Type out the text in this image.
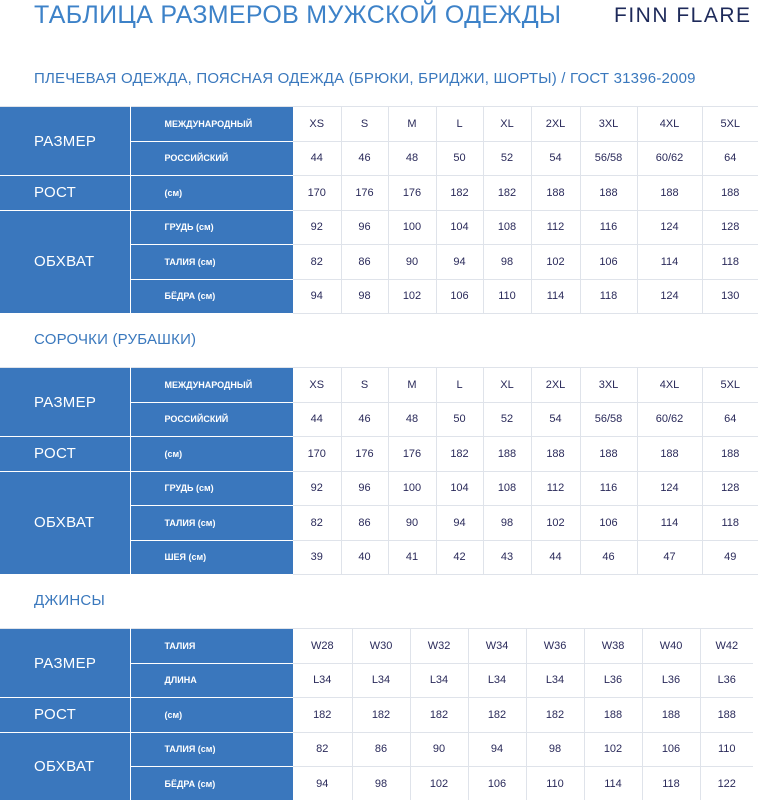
ТАБЛИЦА РАЗМЕРОВ МУЖСКОЙ ОДЕЖДЫ	FINN FLARE
ПЛЕЧЕВАЯ ОДЕЖДА, ПОЯСНАЯ ОДЕЖДА (БРЮКИ, БРИДЖИ, ШОРТЫ) / ГОСТ 31396-2009
РАЗМЕР	МЕЖДУНАРОДНЫЙ	XS	S	M	L	XL	2XL	3XL	4XL	5XL
	РОССИЙСКИЙ	44	46	48	50	52	54	56/58	60/62	64
РОСТ	(см)	170	176	176	182	182	188	188	188	188
ОБХВАТ	ГРУДЬ (см)	92	96	100	104	108	112	116	124	128
	ТАЛИЯ (см)	82	86	90	94	98	102	106	114	118
	БЁДРА (см)	94	98	102	106	110	114	118	124	130
СОРОЧКИ (РУБАШКИ)
РАЗМЕР	МЕЖДУНАРОДНЫЙ	XS	S	M	L	XL	2XL	3XL	4XL	5XL
	РОССИЙСКИЙ	44	46	48	50	52	54	56/58	60/62	64
РОСТ	(см)	170	176	176	182	188	188	188	188	188
ОБХВАТ	ГРУДЬ (см)	92	96	100	104	108	112	116	124	128
	ТАЛИЯ (см)	82	86	90	94	98	102	106	114	118
	ШЕЯ (см)	39	40	41	42	43	44	46	47	49
ДЖИНСЫ
РАЗМЕР	ТАЛИЯ	W28	W30	W32	W34	W36	W38	W40	W42
	ДЛИНА	L34	L34	L34	L34	L34	L36	L36	L36
РОСТ	(см)	182	182	182	182	182	188	188	188
ОБХВАТ	ТАЛИЯ (см)	82	86	90	94	98	102	106	110
	БЁДРА (см)	94	98	102	106	110	114	118	122
